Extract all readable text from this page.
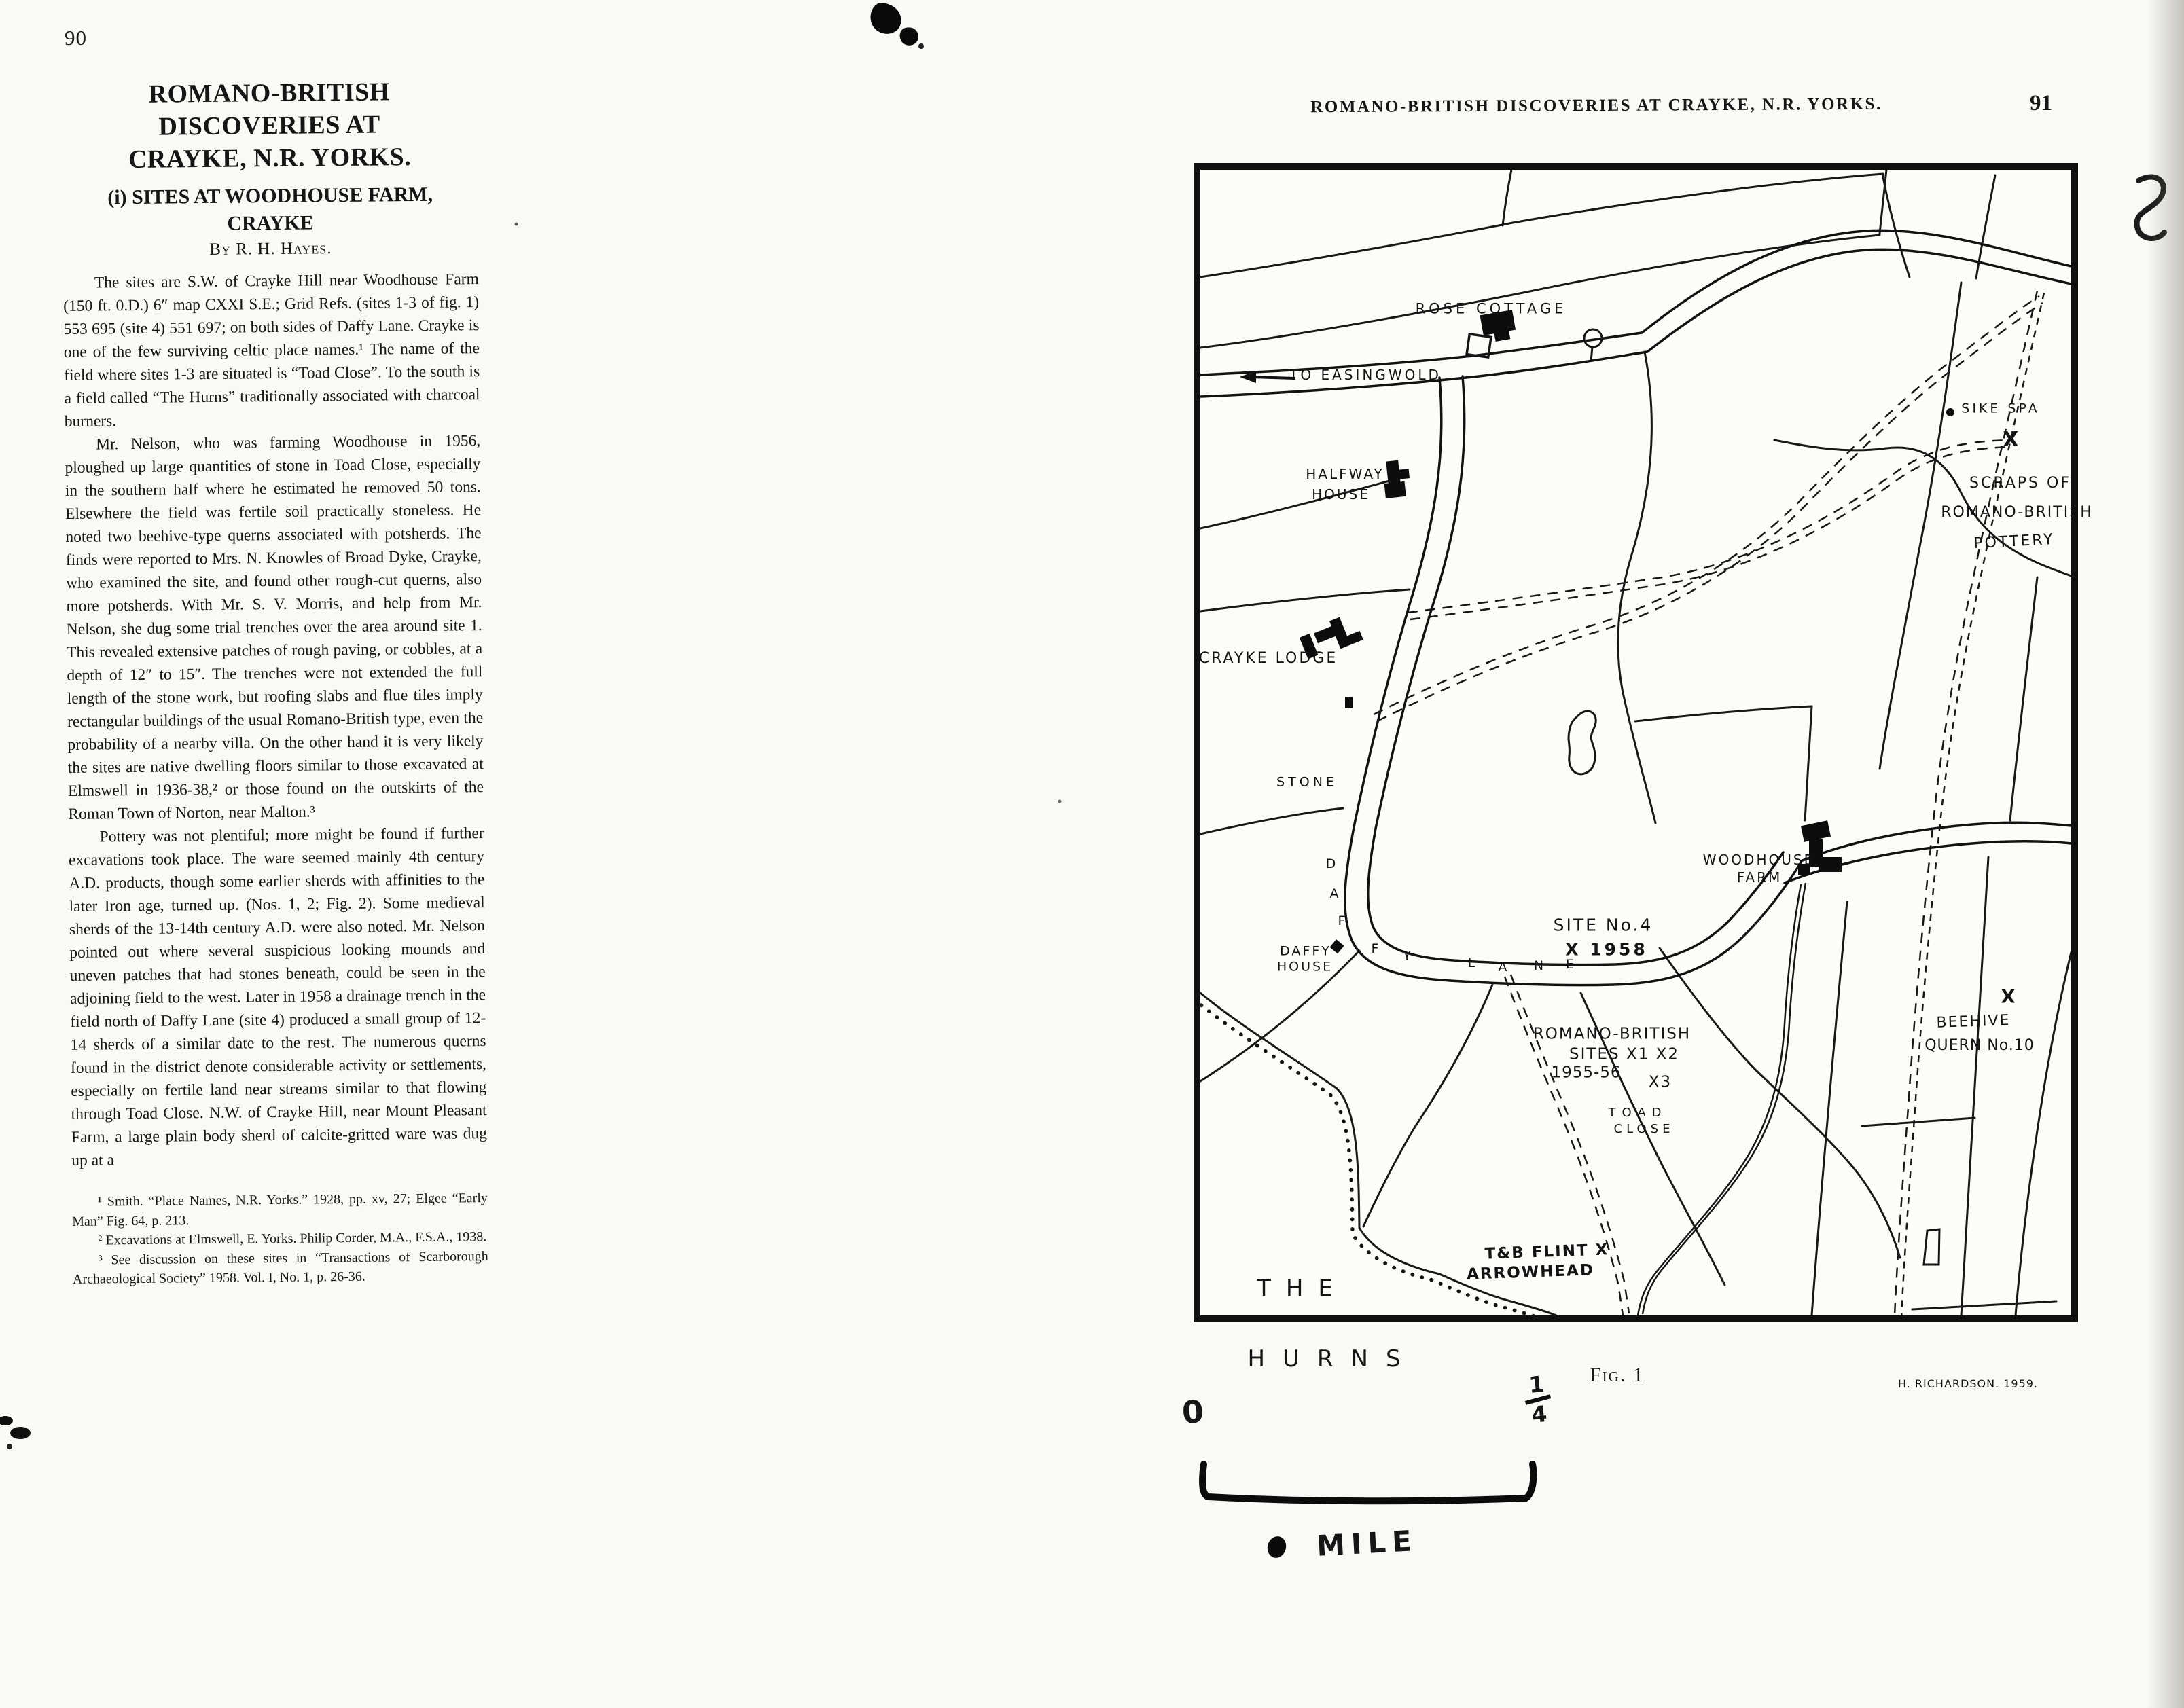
90
ROMANO-BRITISH DISCOVERIES AT
CRAYKE, N.R. YORKS.
(i) SITES AT WOODHOUSE FARM, CRAYKE
By R. H. Hayes.

The sites are S.W. of Crayke Hill near Woodhouse Farm (150 ft. 0.D.) 6″ map CXXI S.E.; Grid Refs. (sites 1-3 of fig. 1) 553 695 (site 4) 551 697; on both sides of Daffy Lane. Crayke is one of the few surviving celtic place names.¹ The name of the field where sites 1-3 are situated is “Toad Close”. To the south is a field called “The Hurns” traditionally associated with charcoal burners.

Mr. Nelson, who was farming Woodhouse in 1956, ploughed up large quantities of stone in Toad Close, especially in the southern half where he estimated he removed 50 tons. Elsewhere the field was fertile soil practically stoneless. He noted two beehive-type querns associated with potsherds. The finds were reported to Mrs. N. Knowles of Broad Dyke, Crayke, who examined the site, and found other rough-cut querns, also more potsherds. With Mr. S. V. Morris, and help from Mr. Nelson, she dug some trial trenches over the area around site 1. This revealed extensive patches of rough paving, or cobbles, at a depth of 12″ to 15″. The trenches were not extended the full length of the stone work, but roofing slabs and flue tiles imply rectangular buildings of the usual Romano-British type, even the probability of a nearby villa. On the other hand it is very likely the sites are native dwelling floors similar to those excavated at Elmswell in 1936-38,² or those found on the outskirts of the Roman Town of Norton, near Malton.³

Pottery was not plentiful; more might be found if further excavations took place. The ware seemed mainly 4th century A.D. products, though some earlier sherds with affinities to the later Iron age, turned up. (Nos. 1, 2; Fig. 2). Some medieval sherds of the 13-14th century A.D. were also noted. Mr. Nelson pointed out where several suspicious looking mounds and uneven patches that had stones beneath, could be seen in the adjoining field to the west. Later in 1958 a drainage trench in the field north of Daffy Lane (site 4) produced a small group of 12-14 sherds of a similar date to the rest. The numerous querns found in the district denote considerable activity or settlements, especially on fertile land near streams similar to that flowing through Toad Close. N.W. of Crayke Hill, near Mount Pleasant Farm, a large plain body sherd of calcite-gritted ware was dug up at a

¹ Smith. “Place Names, N.R. Yorks.” 1928, pp. xv, 27; Elgee “Early Man” Fig. 64, p. 213.

² Excavations at Elmswell, E. Yorks. Philip Corder, M.A., F.S.A., 1938.

³ See discussion on these sites in “Transactions of Scarborough Archaeological Society” 1958. Vol. I, No. 1, p. 26-36.

ROMANO-BRITISH DISCOVERIES AT CRAYKE, N.R. YORKS.	91
ROSE COTTAGE
TO EASINGWOLD
HALFWAY
HOUSE
SIKE SPA
X
SCRAPS OF
ROMANO-BRITISH
POTTERY
CRAYKE LODGE
STONE
WOODHOUSE
FARM
SITE No.4
X 1958
DAFFY
HOUSE
ROMANO-BRITISH
SITES X1 X2
1955-56
X3
TOAD
CLOSE
T&B FLINT X
ARROWHEAD
THE
HURNS
X
BEEHIVE
QUERN No.10
H. RICHARDSON. 1959.
D
A
F
F Y	L A N E
Fig. 1
0
1
4
MILE
